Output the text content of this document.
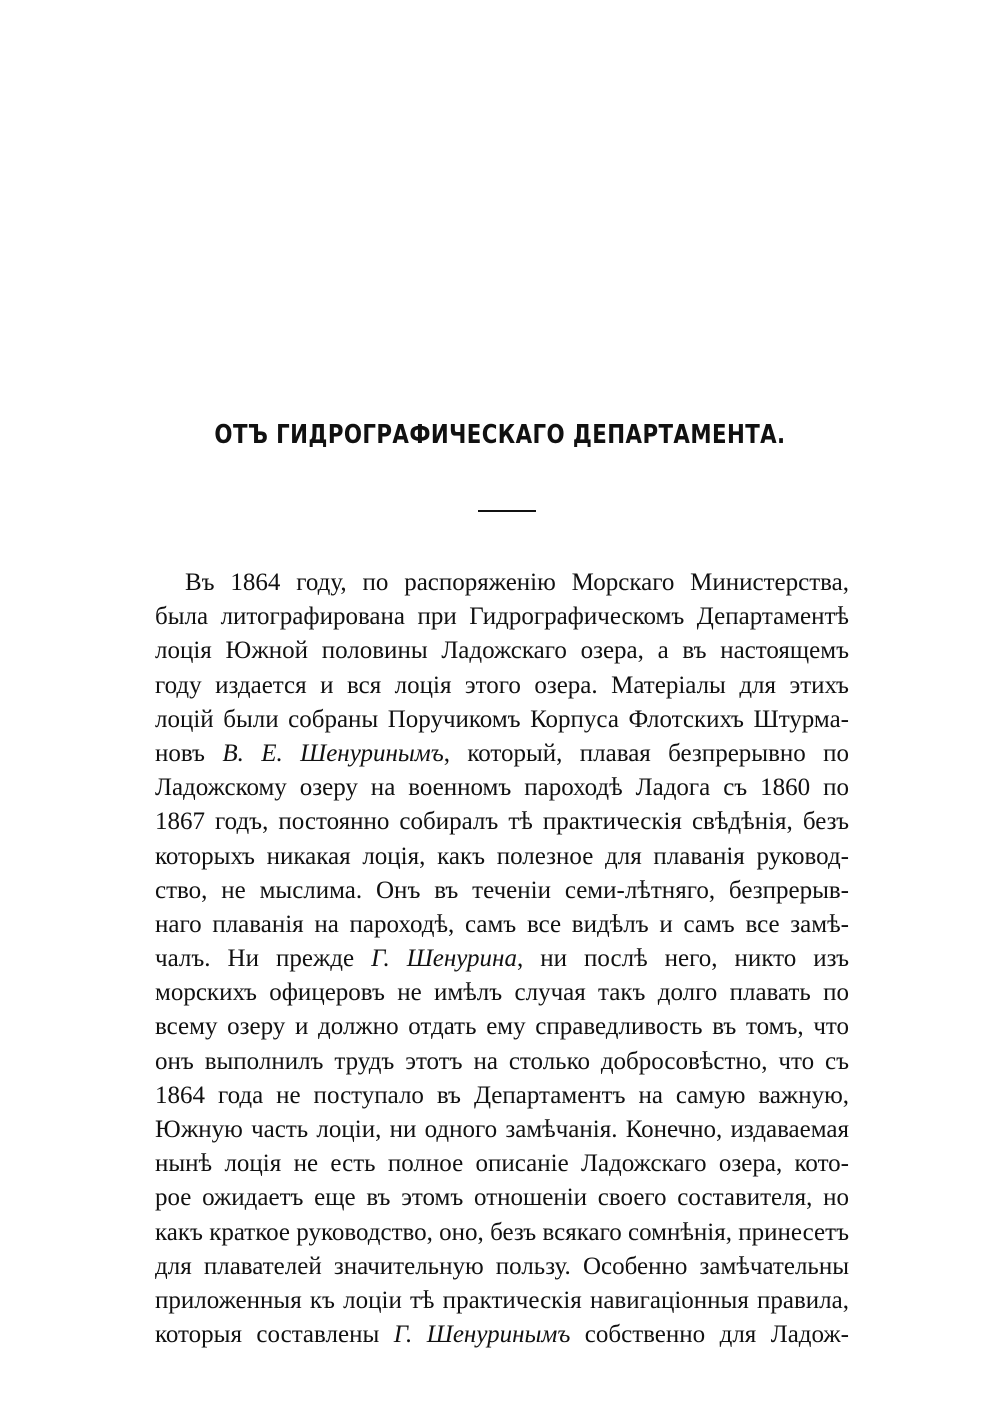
ОТЪ ГИДРОГРАФИЧЕСКАГО ДЕПАРТАМЕНТА.
Въ 1864 году, по распоряженію Морскаго Министерства,
была литографирована при Гидрографическомъ Департаментѣ
лоція Южной половины Ладожскаго озера, а въ настоящемъ
году издается и вся лоція этого озера. Матеріалы для этихъ
лоцій были собраны Поручикомъ Корпуса Флотскихъ Штурма-
новъ В. Е. Шенуринымъ, который, плавая безпрерывно по
Ладожскому озеру на военномъ пароходѣ Ладога съ 1860 по
1867 годъ, постоянно собиралъ тѣ практическія свѣдѣнія, безъ
которыхъ никакая лоція, какъ полезное для плаванія руковод-
ство, не мыслима. Онъ въ теченіи семи-лѣтняго, безпрерыв-
наго плаванія на пароходѣ, самъ все видѣлъ и самъ все замѣ-
чалъ. Ни прежде Г. Шенурина, ни послѣ него, никто изъ
морскихъ офицеровъ не имѣлъ случая такъ долго плавать по
всему озеру и должно отдать ему справедливость въ томъ, что
онъ выполнилъ трудъ этотъ на столько добросовѣстно, что съ
1864 года не поступало въ Департаментъ на самую важную,
Южную часть лоціи, ни одного замѣчанія. Конечно, издаваемая
нынѣ лоція не есть полное описаніе Ладожскаго озера, кото-
рое ожидаетъ еще въ этомъ отношеніи своего составителя, но
какъ краткое руководство, оно, безъ всякаго сомнѣнія, принесетъ
для плавателей значительную пользу. Особенно замѣчательны
приложенныя къ лоціи тѣ практическія навигаціонныя правила,
которыя составлены Г. Шенуринымъ собственно для Ладож-
